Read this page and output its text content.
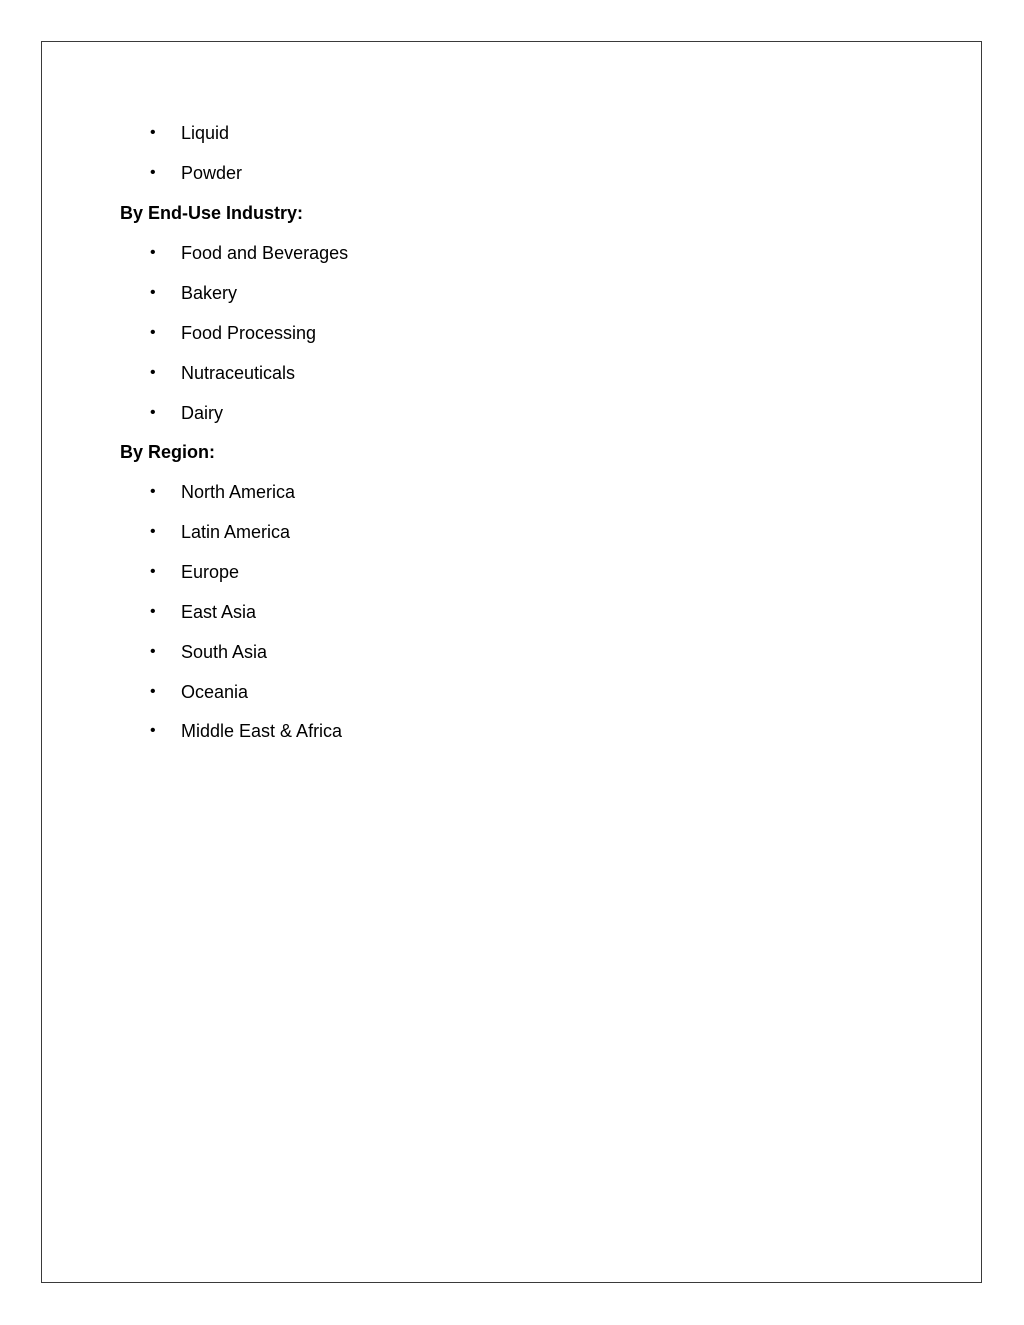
• Liquid
• Powder
By End-Use Industry:
• Food and Beverages
• Bakery
• Food Processing
• Nutraceuticals
• Dairy
By Region:
• North America
• Latin America
• Europe
• East Asia
• South Asia
• Oceania
• Middle East & Africa
